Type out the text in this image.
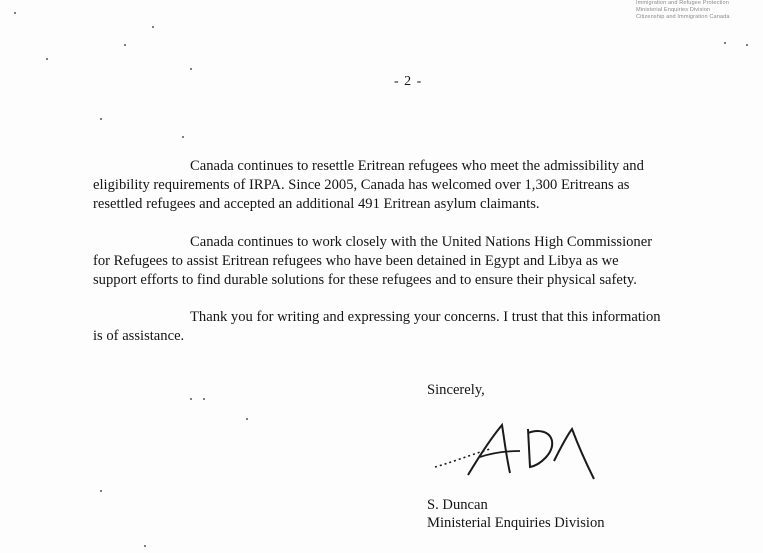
Immigration and Refugee Protection
Ministerial Enquiries Division
Citizenship and Immigration Canada
- 2 -

Canada continues to resettle Eritrean refugees who meet the admissibility and
eligibility requirements of IRPA. Since 2005, Canada has welcomed over 1,300 Eritreans as
resettled refugees and accepted an additional 491 Eritrean asylum claimants.

Canada continues to work closely with the United Nations High Commissioner
for Refugees to assist Eritrean refugees who have been detained in Egypt and Libya as we
support efforts to find durable solutions for these refugees and to ensure their physical safety.

Thank you for writing and expressing your concerns. I trust that this information
is of assistance.

Sincerely,
S. Duncan
Ministerial Enquiries Division
